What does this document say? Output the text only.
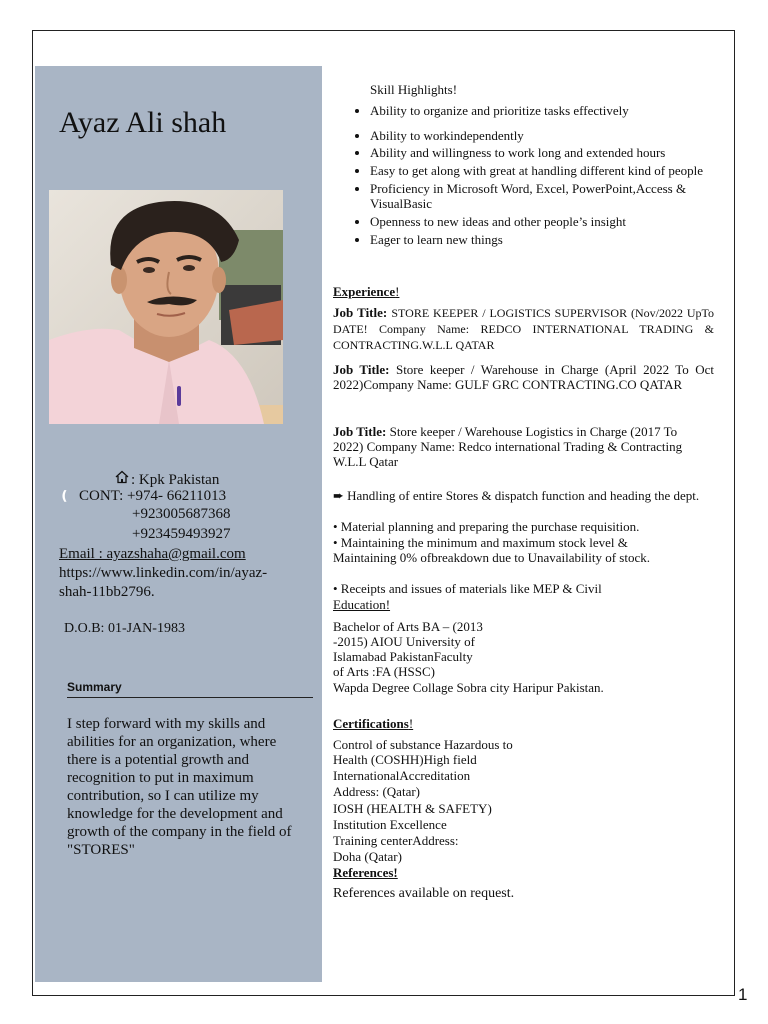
Ayaz Ali shah
: Kpk Pakistan
❪ CONT: +974- 66211013
+923005687368
+923459493927
Email : ayazshaha@gmail.com
https://www.linkedin.com/in/ayaz-
shah-11bb2796.
D.O.B: 01-JAN-1983
Summary
I step forward with my skills and abilities for an organization, where there is a potential growth and recognition to put in maximum contribution, so I can utilize my knowledge for the development and growth of the company in the field of "STORES"
Skill Highlights!
• Ability to organize and prioritize tasks effectively
• Ability to workindependently
• Ability and willingness to work long and extended hours
• Easy to get along with great at handling different kind of people
• Proficiency in Microsoft Word, Excel, PowerPoint,Access & VisualBasic
• Openness to new ideas and other people’s insight
• Eager to learn new things
Experience!
Job Title: STORE KEEPER / LOGISTICS SUPERVISOR (Nov/2022 UpTo DATE! Company Name: REDCO INTERNATIONAL TRADING & CONTRACTING.W.L.L QATAR
Job Title: Store keeper / Warehouse in Charge (April 2022 To Oct 2022)Company Name: GULF GRC CONTRACTING.CO QATAR
Job Title: Store keeper / Warehouse Logistics in Charge (2017 To 2022) Company Name: Redco international Trading & Contracting W.L.L Qatar
➨ Handling of entire Stores & dispatch function and heading the dept.
• Material planning and preparing the purchase requisition.
• Maintaining the minimum and maximum stock level & Maintaining 0% ofbreakdown due to Unavailability of stock.
• Receipts and issues of materials like MEP & Civil
Education!
Bachelor of Arts BA – (2013
-2015) AIOU University of
Islamabad PakistanFaculty
of Arts :FA (HSSC)
Wapda Degree Collage Sobra city Haripur Pakistan.
Certifications!
Control of substance Hazardous to
Health (COSHH)High field
InternationalAccreditation
Address: (Qatar)
IOSH (HEALTH & SAFETY)
Institution Excellence
Training centerAddress:
Doha (Qatar)
References!
References available on request.
1
